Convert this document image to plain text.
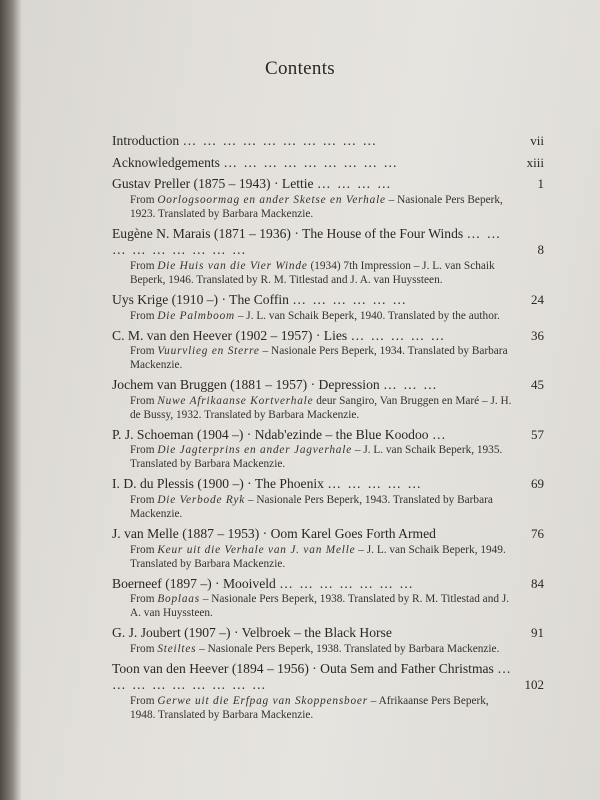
Contents
Introduction … … … … … … … … … …	vii
Acknowledgements … … … … … … … … …	xiii
Gustav Preller (1875 – 1943) · Lettie … … … …	1
From Oorlogsoormag en ander Sketse en Verhale – Nasionale Pers Beperk, 1923. Translated by Barbara Mackenzie.
Eugène N. Marais (1871 – 1936) · The House of the Four Winds … … … … … … … … …	8
From Die Huis van die Vier Winde (1934) 7th Impression – J. L. van Schaik Beperk, 1946. Translated by R. M. Titlestad and J. A. van Huyssteen.
Uys Krige (1910 –) · The Coffin … … … … … …	24
From Die Palmboom – J. L. van Schaik Beperk, 1940. Translated by the author.
C. M. van den Heever (1902 – 1957) · Lies … … … … …	36
From Vuurvlieg en Sterre – Nasionale Pers Beperk, 1934. Translated by Barbara Mackenzie.
Jochem van Bruggen (1881 – 1957) · Depression … … …	45
From Nuwe Afrikaanse Kortverhale deur Sangiro, Van Bruggen en Maré – J. H. de Bussy, 1932. Translated by Barbara Mackenzie.
P. J. Schoeman (1904 –) · Ndab'ezinde – the Blue Koodoo …	57
From Die Jagterprins en ander Jagverhale – J. L. van Schaik Beperk, 1935. Translated by Barbara Mackenzie.
I. D. du Plessis (1900 –) · The Phoenix … … … … …	69
From Die Verbode Ryk – Nasionale Pers Beperk, 1943. Translated by Barbara Mackenzie.
J. van Melle (1887 – 1953) · Oom Karel Goes Forth Armed	76
From Keur uit die Verhale van J. van Melle – J. L. van Schaik Beperk, 1949. Translated by Barbara Mackenzie.
Boerneef (1897 –) · Mooiveld … … … … … … …	84
From Boplaas – Nasionale Pers Beperk, 1938. Translated by R. M. Titlestad and J. A. van Huyssteen.
G. J. Joubert (1907 –) · Velbroek – the Black Horse	91
From Steiltes – Nasionale Pers Beperk, 1938. Translated by Barbara Mackenzie.
Toon van den Heever (1894 – 1956) · Outa Sem and Father Christmas … … … … … … … … …	102
From Gerwe uit die Erfpag van Skoppensboer – Afrikaanse Pers Beperk, 1948. Translated by Barbara Mackenzie.
